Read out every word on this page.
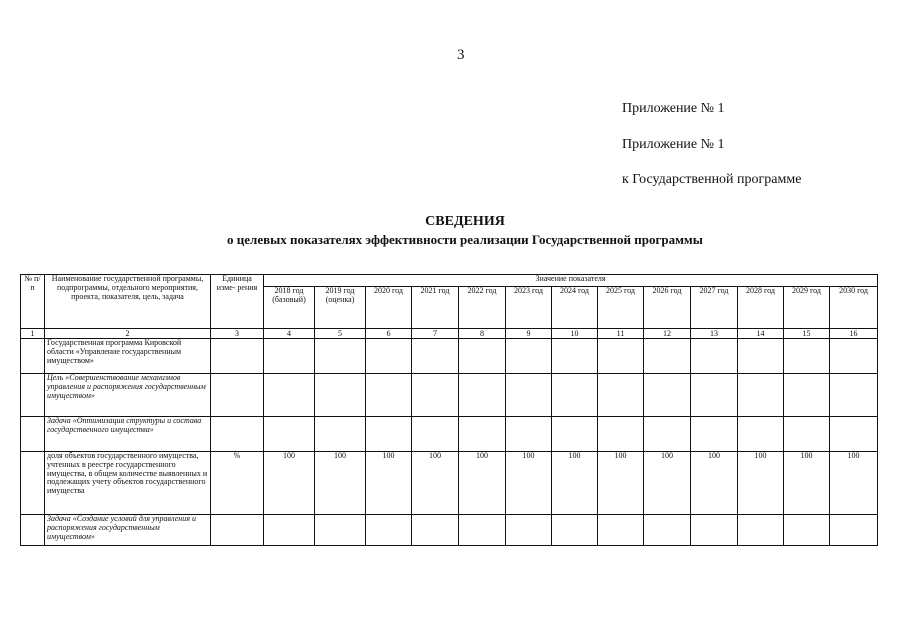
3
Приложение № 1
Приложение № 1
к Государственной программе
СВЕДЕНИЯ
о целевых показателях эффективности реализации Государственной программы
№ п/п	Наименование государственной программы, подпрограммы, отдельного мероприятия, проекта, показателя, цель, задача	Единица изме- рения	Значение показателя												
			2018 год (базовый)	2019 год (оценка)	2020 год	2021 год	2022 год	2023 год	2024 год	2025 год	2026 год	2027 год	2028 год	2029 год	2030 год
1	2	3	4	5	6	7	8	9	10	11	12	13	14	15	16
	Государственная программа Кировской области «Управление государственным имуществом»														
	Цель «Совершенствование механизмов управления и распоряжения государственным имуществом»														
	Задача «Оптимизация структуры и состава государственного имущества»														
	доля объектов государственного имущества, учтенных в реестре государственного имущества, в общем количестве выявленных и подлежащих учету объектов государственного имущества	%	100	100	100	100	100	100	100	100	100	100	100	100	100
	Задача «Создание условий для управления и распоряжения государственным имуществом»														
